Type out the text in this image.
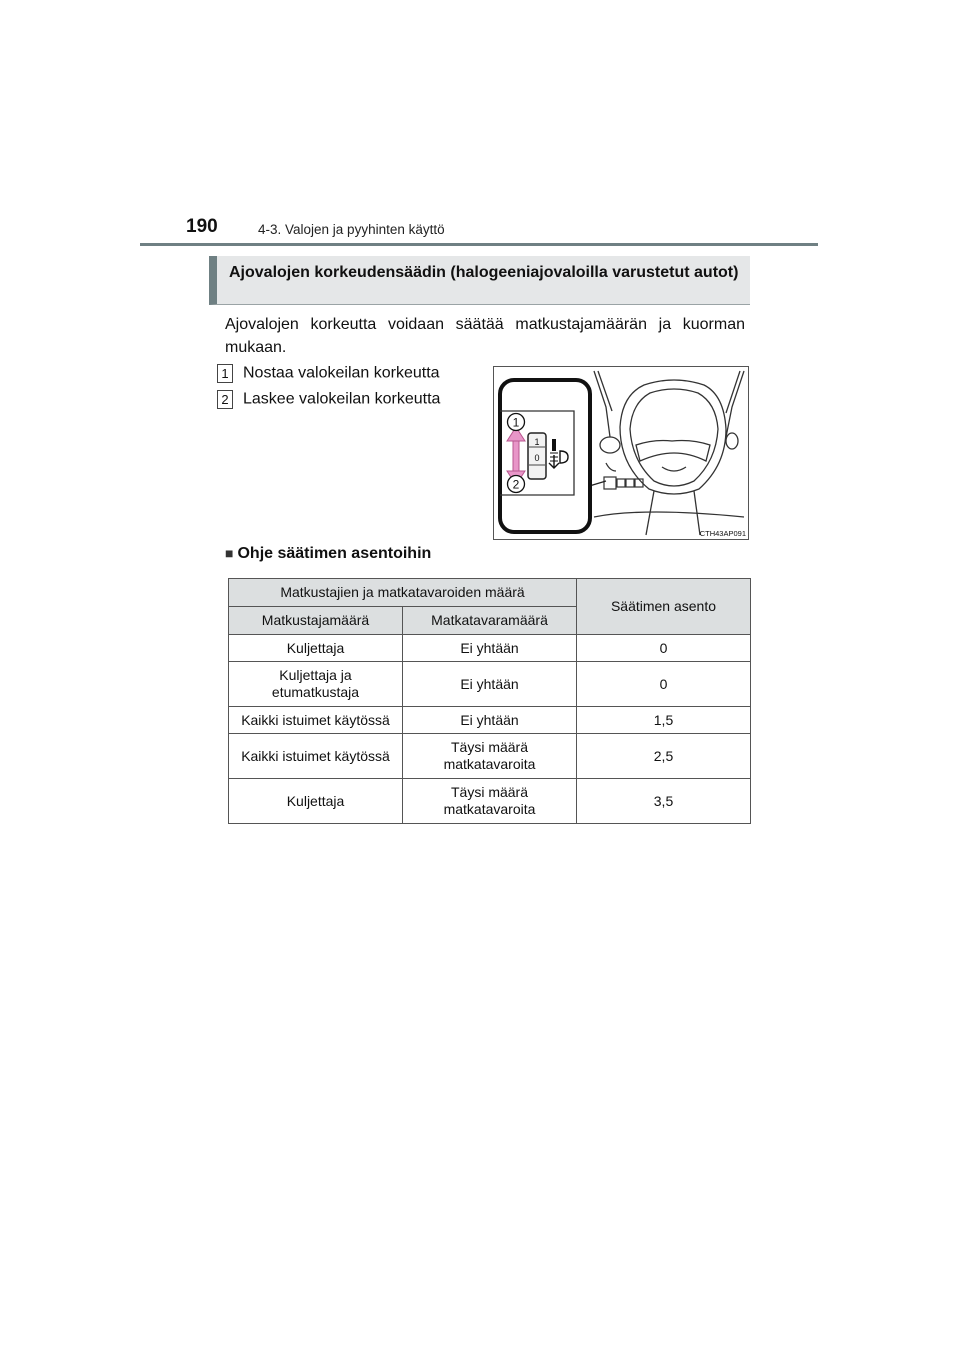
190	4-3. Valojen ja pyyhinten käyttö
Ajovalojen korkeudensäädin (halogeeniajovaloilla varustetut autot)
Ajovalojen korkeutta voidaan säätää matkustajamäärän ja kuorman mukaan.
1 Nostaa valokeilan korkeutta
2 Laskee valokeilan korkeutta
1
0
1
2
CTH43AP091
■ Ohje säätimen asentoihin
Matkustajien ja matkatavaroiden määrä		Säätimen asento
Matkustajamäärä	Matkatavaramäärä	
Kuljettaja	Ei yhtään	0
Kuljettaja ja
etumatkustaja	Ei yhtään	0
Kaikki istuimet käytössä	Ei yhtään	1,5
Kaikki istuimet käytössä	Täysi määrä
matkatavaroita	2,5
Kuljettaja	Täysi määrä
matkatavaroita	3,5
